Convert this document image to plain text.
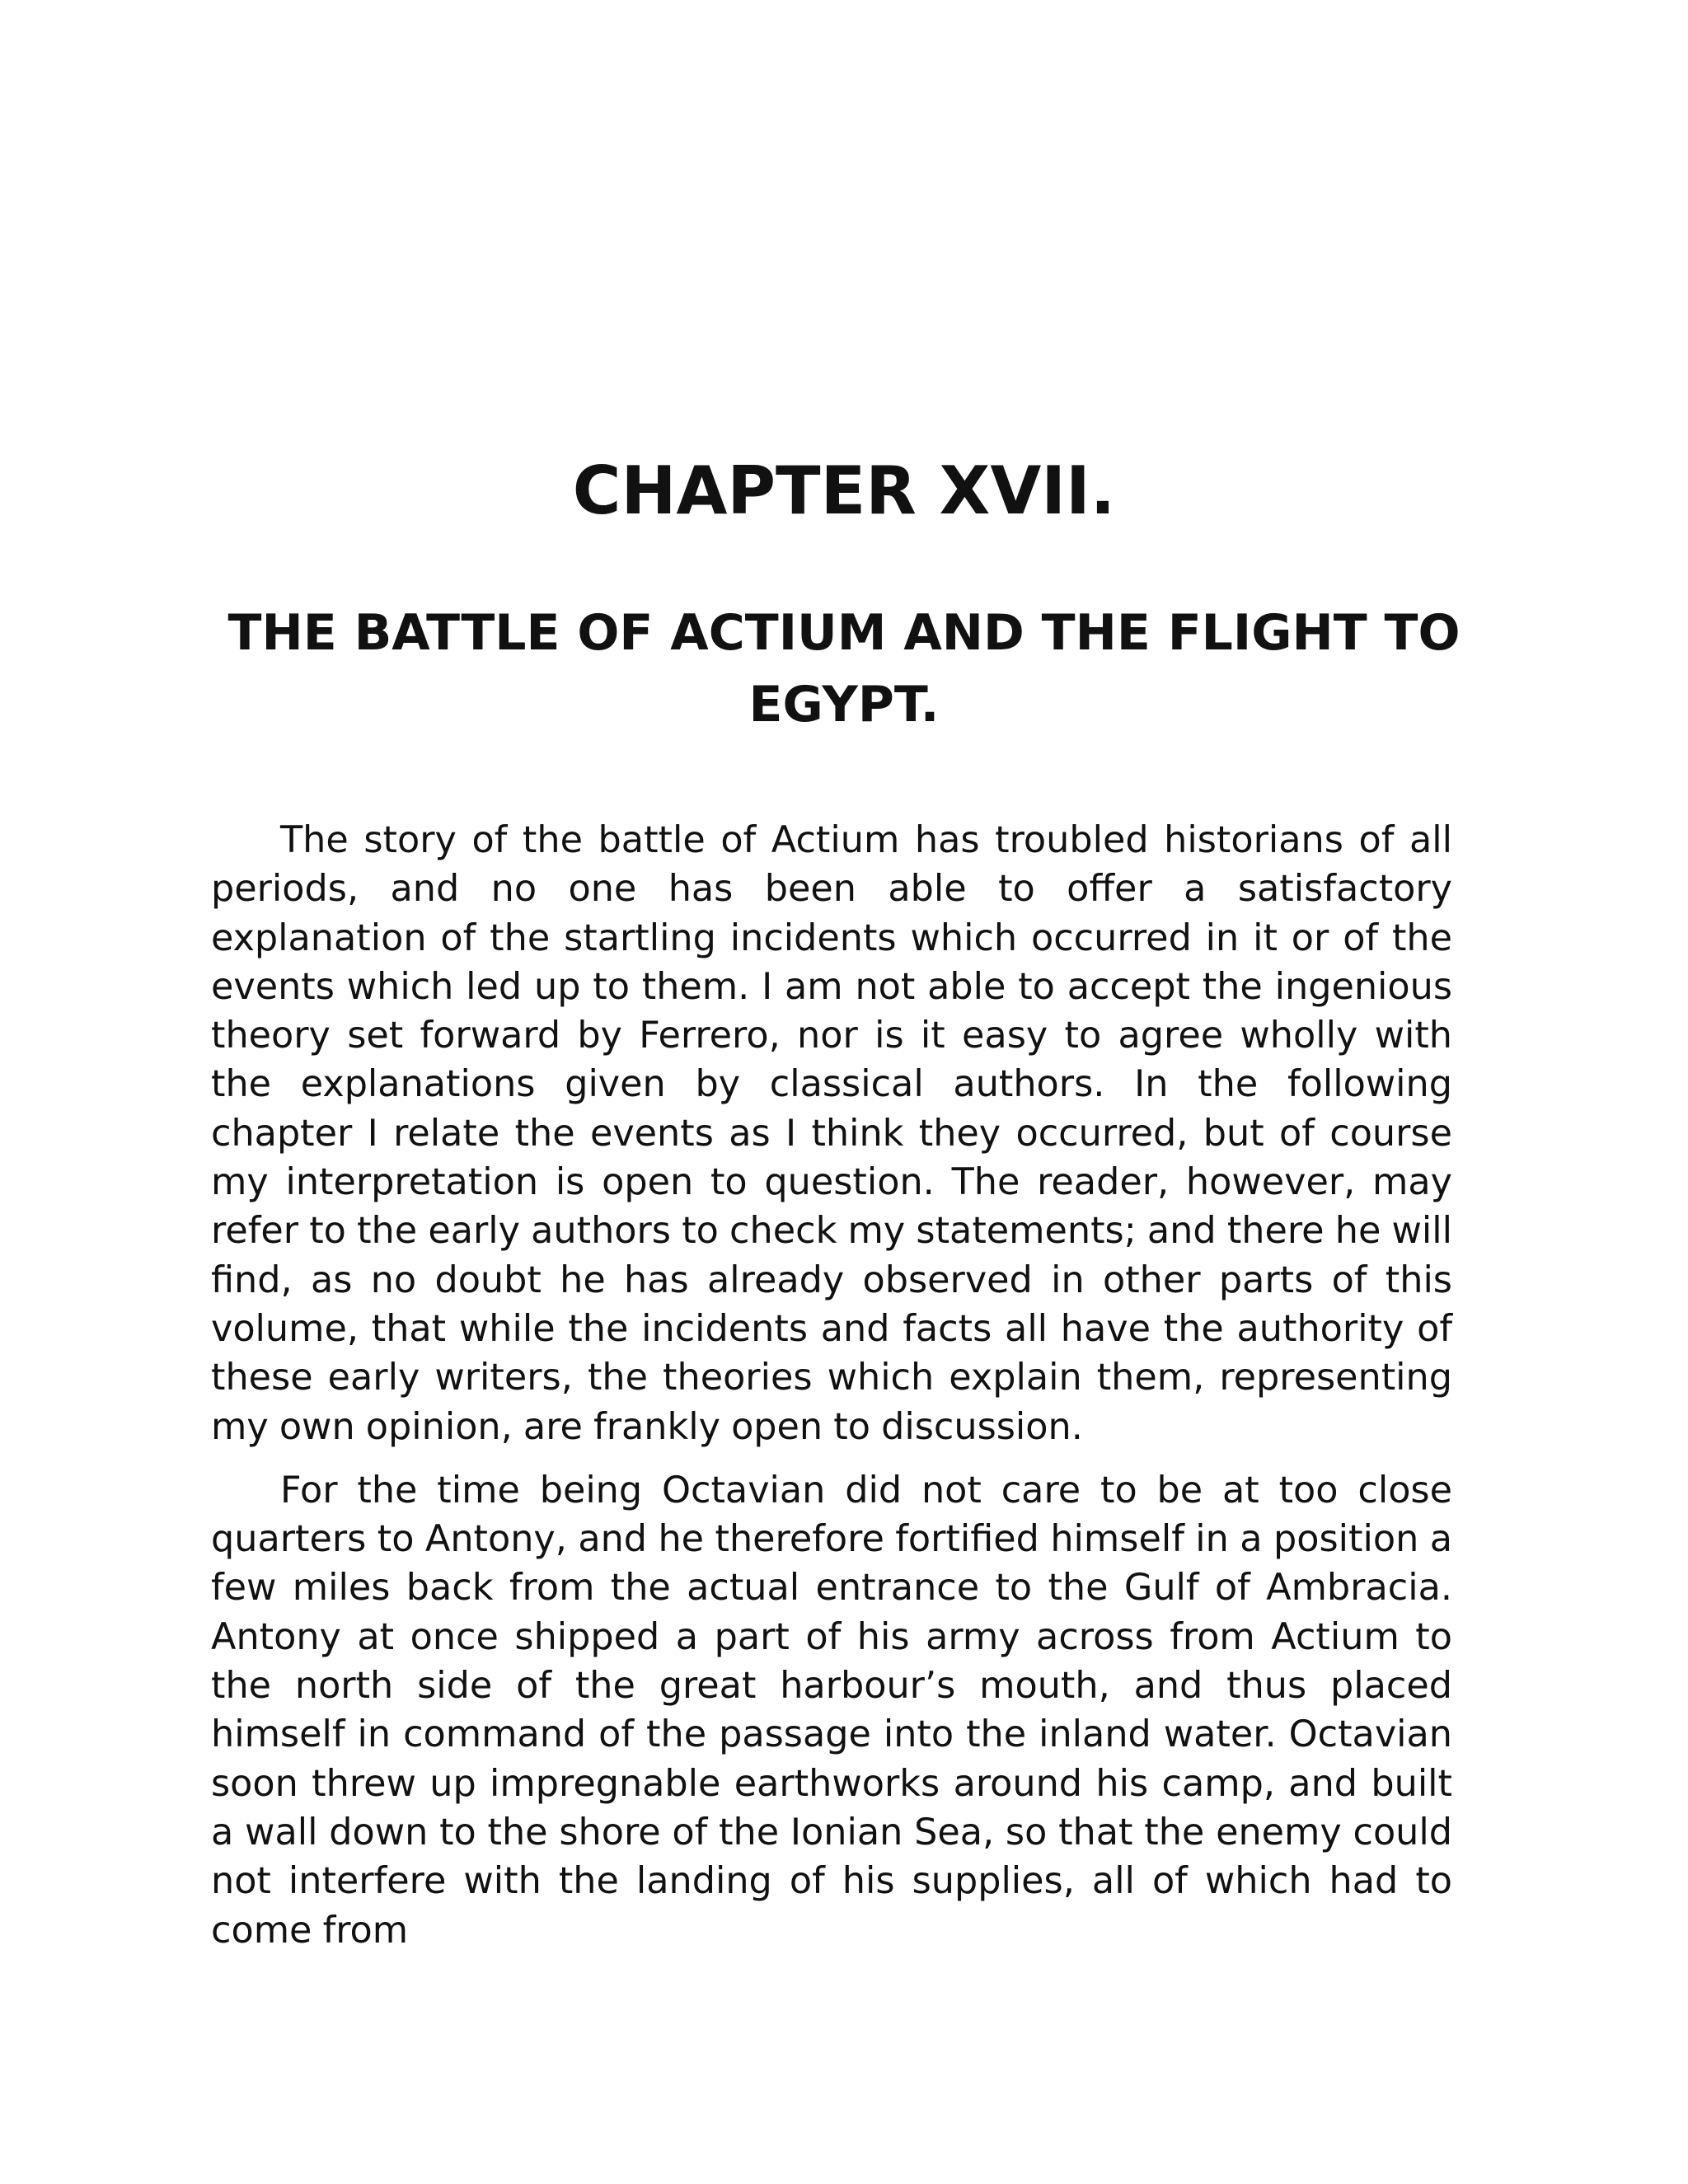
CHAPTER XVII.
THE BATTLE OF ACTIUM AND THE FLIGHT TO EGYPT.

The story of the battle of Actium has troubled historians of all periods, and no one has been able to offer a satisfactory explanation of the startling incidents which occurred in it or of the events which led up to them. I am not able to accept the ingenious theory set forward by Ferrero, nor is it easy to agree wholly with the explanations given by classical authors. In the following chapter I relate the events as I think they occurred, but of course my interpretation is open to question. The reader, however, may refer to the early authors to check my statements; and there he will find, as no doubt he has already observed in other parts of this volume, that while the incidents and facts all have the authority of these early writers, the theories which explain them, representing my own opinion, are frankly open to discussion.

For the time being Octavian did not care to be at too close quarters to Antony, and he therefore fortified himself in a position a few miles back from the actual entrance to the Gulf of Ambracia. Antony at once shipped a part of his army across from Actium to the north side of the great harbour’s mouth, and thus placed himself in command of the passage into the inland water. Octavian soon threw up impregnable earthworks around his camp, and built a wall down to the shore of the Ionian Sea, so that the enemy could not interfere with the landing of his supplies, all of which had to come from
